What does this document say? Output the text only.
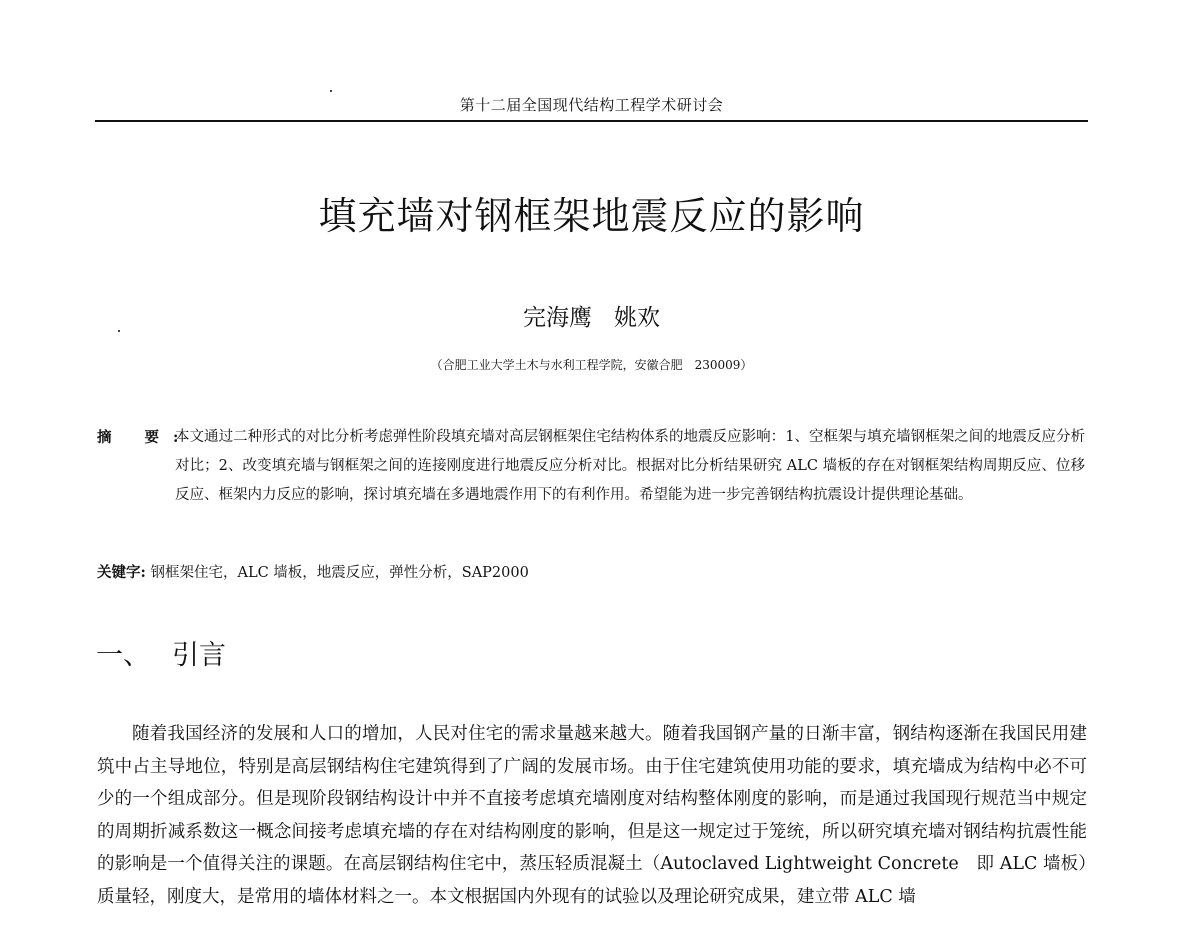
第十二届全国现代结构工程学术研讨会
填充墙对钢框架地震反应的影响
完海鹰 姚欢
（合肥工业大学土木与水利工程学院，安徽合肥　230009）
摘 要:

本文通过二种形式的对比分析考虑弹性阶段填充墙对高层钢框架住宅结构体系的地震反应影响：1、空框架与填充墙钢框架之间的地震反应分析对比；2、改变填充墙与钢框架之间的连接刚度进行地震反应分析对比。根据对比分析结果研究 ALC 墙板的存在对钢框架结构周期反应、位移反应、框架内力反应的影响，探讨填充墙在多遇地震作用下的有利作用。希望能为进一步完善钢结构抗震设计提供理论基础。

关键字: 钢框架住宅，ALC 墙板，地震反应，弹性分析，SAP2000
一、 引言

随着我国经济的发展和人口的增加，人民对住宅的需求量越来越大。随着我国钢产量的日渐丰富，钢结构逐渐在我国民用建筑中占主导地位，特别是高层钢结构住宅建筑得到了广阔的发展市场。由于住宅建筑使用功能的要求，填充墙成为结构中必不可少的一个组成部分。但是现阶段钢结构设计中并不直接考虑填充墙刚度对结构整体刚度的影响，而是通过我国现行规范当中规定的周期折减系数这一概念间接考虑填充墙的存在对结构刚度的影响，但是这一规定过于笼统，所以研究填充墙对钢结构抗震性能的影响是一个值得关注的课题。在高层钢结构住宅中，蒸压轻质混凝土（Autoclaved Lightweight Concrete　即 ALC 墙板）质量轻，刚度大，是常用的墙体材料之一。本文根据国内外现有的试验以及理论研究成果，建立带 ALC 墙
